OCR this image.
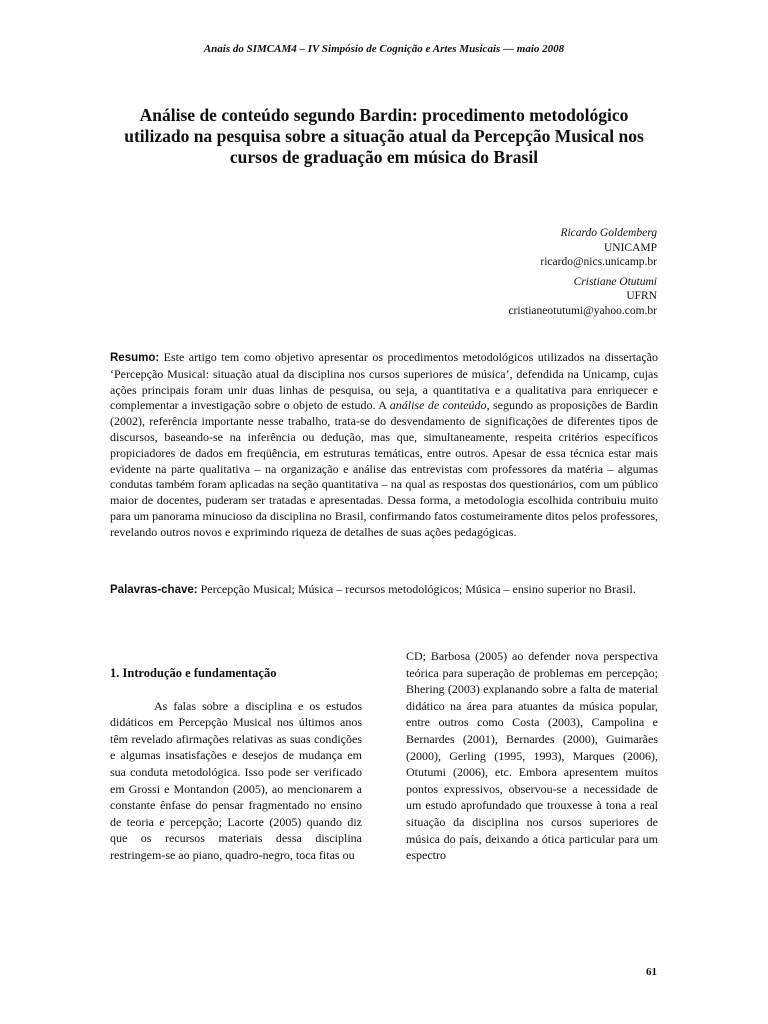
Anais do SIMCAM4 – IV Simpósio de Cognição e Artes Musicais — maio 2008
Análise de conteúdo segundo Bardin: procedimento metodológico utilizado na pesquisa sobre a situação atual da Percepção Musical nos cursos de graduação em música do Brasil
Ricardo Goldemberg
UNICAMP
ricardo@nics.unicamp.br
Cristiane Otutumi
UFRN
cristianeotutumi@yahoo.com.br

Resumo: Este artigo tem como objetivo apresentar os procedimentos metodológicos utilizados na dissertação ‘Percepção Musical: situação atual da disciplina nos cursos superiores de música’, defendida na Unicamp, cujas ações principais foram unir duas linhas de pesquisa, ou seja, a quantitativa e a qualitativa para enriquecer e complementar a investigação sobre o objeto de estudo. A análise de conteúdo, segundo as proposições de Bardin (2002), referência importante nesse trabalho, trata-se do desvendamento de significações de diferentes tipos de discursos, baseando-se na inferência ou dedução, mas que, simultaneamente, respeita critérios específicos propiciadores de dados em freqüência, em estruturas temáticas, entre outros. Apesar de essa técnica estar mais evidente na parte qualitativa – na organização e análise das entrevistas com professores da matéria – algumas condutas também foram aplicadas na seção quantitativa – na qual as respostas dos questionários, com um público maior de docentes, puderam ser tratadas e apresentadas. Dessa forma, a metodologia escolhida contribuiu muito para um panorama minucioso da disciplina no Brasil, confirmando fatos costumeiramente ditos pelos professores, revelando outros novos e exprimindo riqueza de detalhes de suas ações pedagógicas.

Palavras-chave: Percepção Musical; Música – recursos metodológicos; Música – ensino superior no Brasil.

1. Introdução e fundamentação

As falas sobre a disciplina e os estudos didáticos em Percepção Musical nos últimos anos têm revelado afirmações relativas as suas condições e algumas insatisfações e desejos de mudança em sua conduta metodológica. Isso pode ser verificado em Grossi e Montandon (2005), ao mencionarem a constante ênfase do pensar fragmentado no ensino de teoria e percepção; Lacorte (2005) quando diz que os recursos materiais dessa disciplina restringem-se ao piano, quadro-negro, toca fitas ou

CD; Barbosa (2005) ao defender nova perspectiva teórica para superação de problemas em percepção; Bhering (2003) explanando sobre a falta de material didático na área para atuantes da música popular, entre outros como Costa (2003), Campolina e Bernardes (2001), Bernardes (2000), Guimarães (2000), Gerling (1995, 1993), Marques (2006), Otutumi (2006), etc. Embora apresentem muitos pontos expressivos, observou-se a necessidade de um estudo aprofundado que trouxesse à tona a real situação da disciplina nos cursos superiores de música do país, deixando a ótica particular para um espectro

61
